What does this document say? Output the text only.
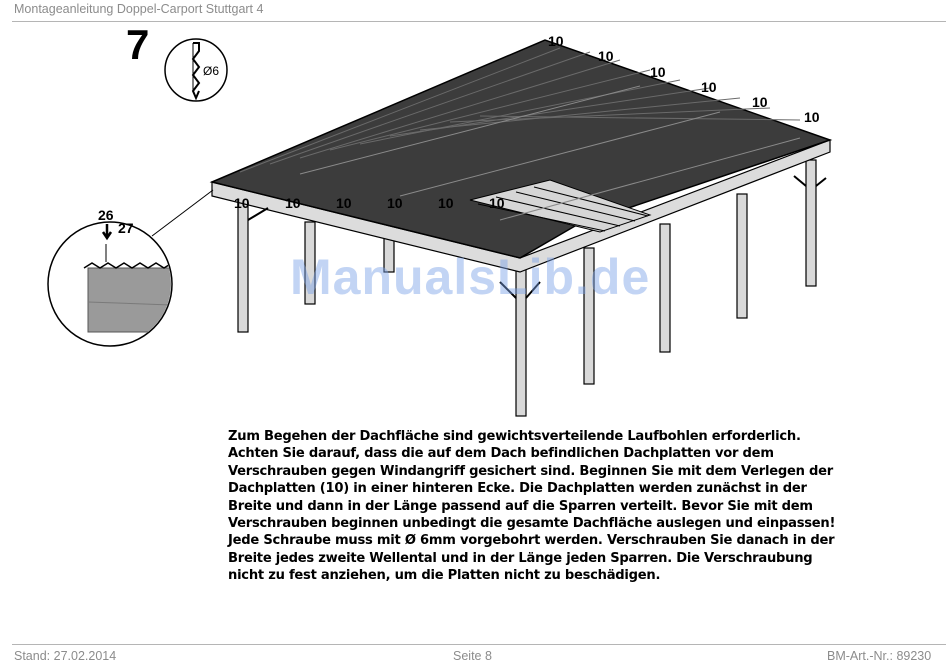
Montageanleitung Doppel-Carport Stuttgart 4
7
Ø6
10
10
10
10
10
10
10	10	10	10	10	10
26
27
ManualsLib.de
Zum Begehen der Dachfläche sind gewichtsverteilende Laufbohlen erforderlich.
Achten Sie darauf, dass die auf dem Dach befindlichen Dachplatten vor dem
Verschrauben gegen Windangriff gesichert sind. Beginnen Sie mit dem Verlegen der
Dachplatten (10) in einer hinteren Ecke. Die Dachplatten werden zunächst in der
Breite und dann in der Länge passend auf die Sparren verteilt. Bevor Sie mit dem
Verschrauben beginnen unbedingt die gesamte Dachfläche auslegen und einpassen!
Jede Schraube muss mit Ø 6mm vorgebohrt werden. Verschrauben Sie danach in der
Breite jedes zweite Wellental und in der Länge jeden Sparren. Die Verschraubung
nicht zu fest anziehen, um die Platten nicht zu beschädigen.
Stand: 27.02.2014	Seite 8	BM-Art.-Nr.: 89230
